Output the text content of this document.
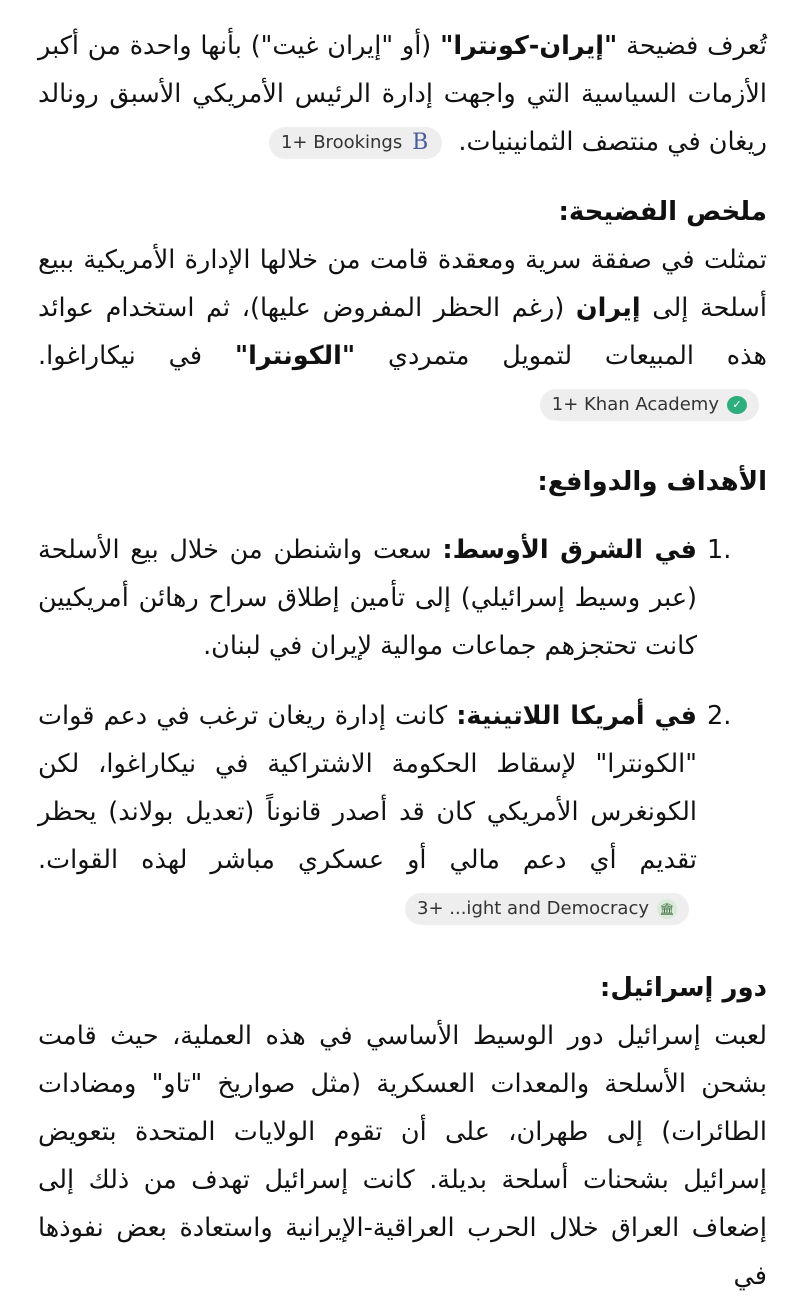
تُعرف فضيحة "إيران-كونترا" (أو "إيران غيت") بأنها واحدة من أكبر الأزمات السياسية التي واجهت إدارة الرئيس الأمريكي الأسبق رونالد ريغان في منتصف الثمانينيات.
1+ Brookings B

ملخص الفضيحة:

تمثلت في صفقة سرية ومعقدة قامت من خلالها الإدارة الأمريكية ببيع أسلحة إلى إيران (رغم الحظر المفروض عليها)، ثم استخدام عوائد هذه المبيعات لتمويل متمردي "الكونترا" في نيكاراغوا.
1+ Khan Academy	✓

الأهداف والدوافع:
1.
في الشرق الأوسط: سعت واشنطن من خلال بيع الأسلحة (عبر وسيط إسرائيلي) إلى تأمين إطلاق سراح رهائن أمريكيين كانت تحتجزهم جماعات موالية لإيران في لبنان.
2.
في أمريكا اللاتينية: كانت إدارة ريغان ترغب في دعم قوات "الكونترا" لإسقاط الحكومة الاشتراكية في نيكاراغوا، لكن الكونغرس الأمريكي كان قد أصدر قانوناً (تعديل بولاند) يحظر تقديم أي دعم مالي أو عسكري مباشر لهذه القوات.
3+ ...ight and Democracy 🏛
دور إسرائيل:

لعبت إسرائيل دور الوسيط الأساسي في هذه العملية، حيث قامت بشحن الأسلحة والمعدات العسكرية (مثل صواريخ "تاو" ومضادات الطائرات) إلى طهران، على أن تقوم الولايات المتحدة بتعويض إسرائيل بشحنات أسلحة بديلة. كانت إسرائيل تهدف من ذلك إلى إضعاف العراق خلال الحرب العراقية-الإيرانية واستعادة بعض نفوذها في
